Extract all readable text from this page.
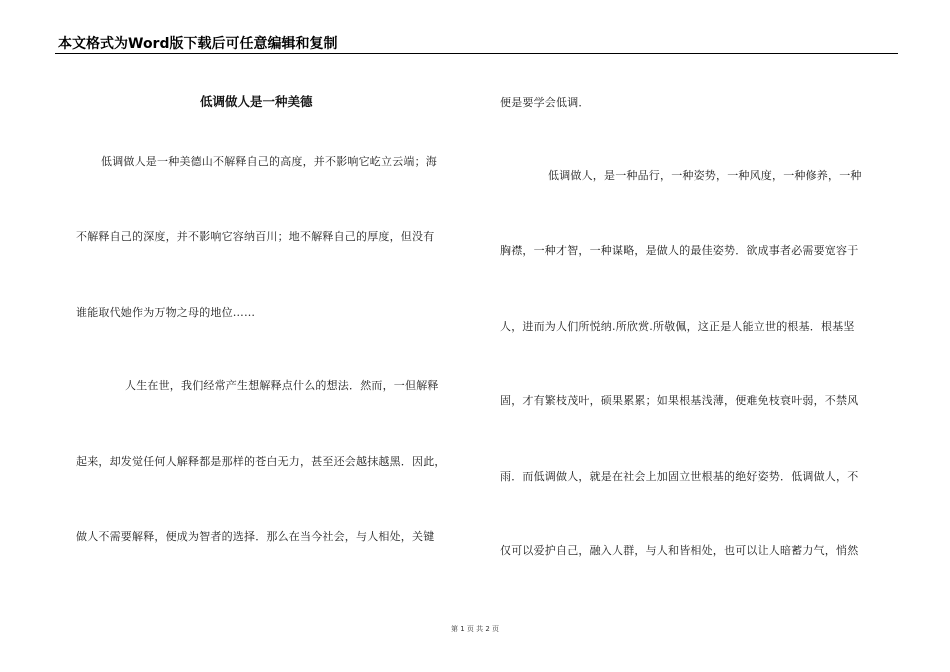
本文格式为Word版下载后可任意编辑和复制
低调做人是一种美德
低调做人是一种美德山不解释自己的高度，并不影响它屹立云端；海
不解释自己的深度，并不影响它容纳百川；地不解释自己的厚度，但没有
谁能取代她作为万物之母的地位……
人生在世，我们经常产生想解释点什么的想法．然而，一但解释
起来，却发觉任何人解释都是那样的苍白无力，甚至还会越抹越黑．因此，
做人不需要解释，便成为智者的选择．那么在当今社会，与人相处，关键
便是要学会低调．
低调做人，是一种品行，一种姿势，一种风度，一种修养，一种
胸襟，一种才智，一种谋略，是做人的最佳姿势．欲成事者必需要宽容于
人，进而为人们所悦纳.所欣赏.所敬佩，这正是人能立世的根基．根基坚
固，才有繁枝茂叶，硕果累累；如果根基浅薄，便难免枝衰叶弱，不禁风
雨．而低调做人，就是在社会上加固立世根基的绝好姿势．低调做人，不
仅可以爱护自己，融入人群，与人和皆相处，也可以让人暗蓄力气，悄然
第 1 页 共 2 页
